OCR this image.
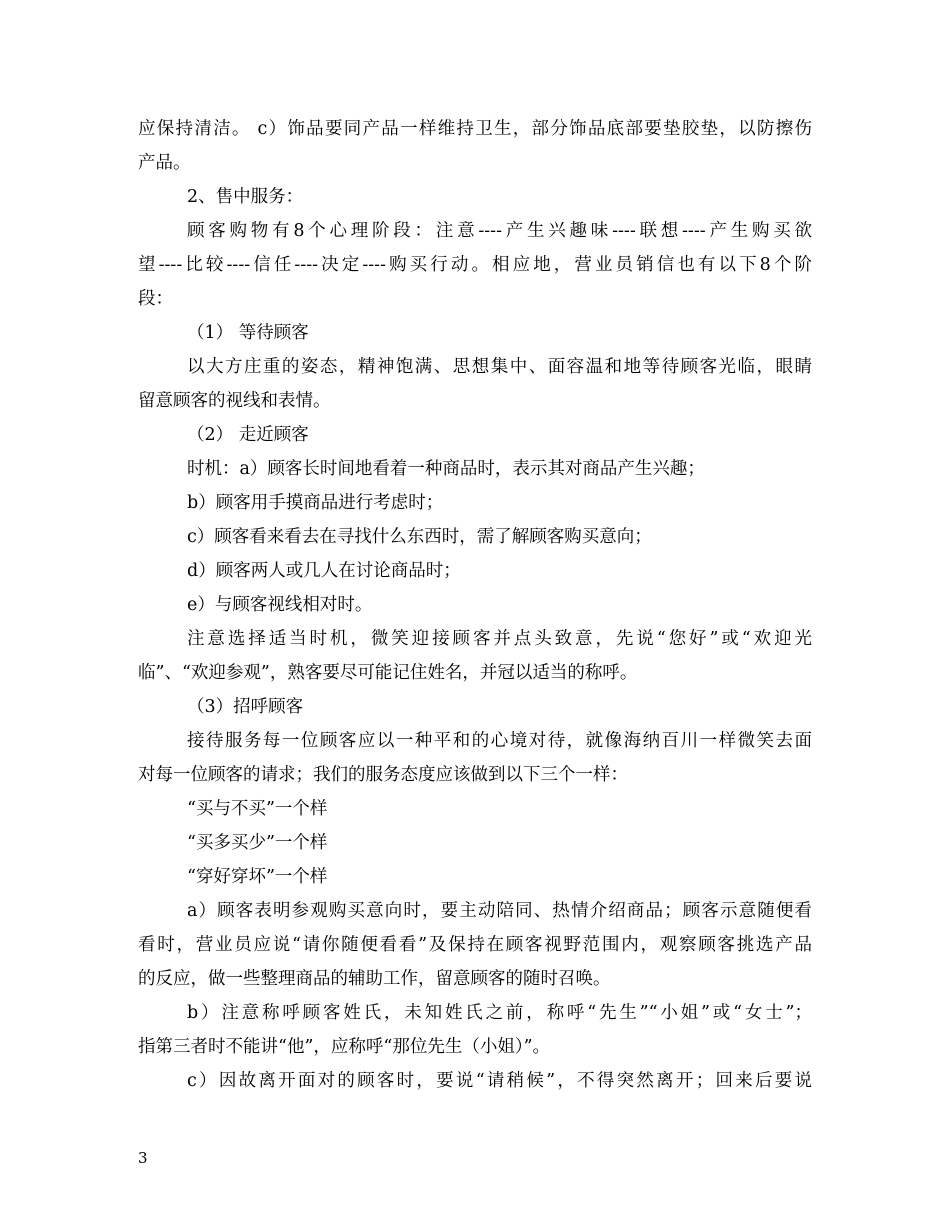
应保持清洁。 c）饰品要同产品一样维持卫生，部分饰品底部要垫胶垫，以防擦伤
产品。
2、售中服务：
顾客购物有8个心理阶段：注意----产生兴趣味----联想----产生购买欲
望----比较----信任----决定----购买行动。相应地，营业员销信也有以下8个阶
段：
（1） 等待顾客
以大方庄重的姿态，精神饱满、思想集中、面容温和地等待顾客光临，眼睛
留意顾客的视线和表情。
（2） 走近顾客
时机：a）顾客长时间地看着一种商品时，表示其对商品产生兴趣；
b）顾客用手摸商品进行考虑时；
c）顾客看来看去在寻找什么东西时，需了解顾客购买意向；
d）顾客两人或几人在讨论商品时；
e）与顾客视线相对时。
注意选择适当时机，微笑迎接顾客并点头致意，先说“您好”或“欢迎光
临”、“欢迎参观”，熟客要尽可能记住姓名，并冠以适当的称呼。
（3）招呼顾客
接待服务每一位顾客应以一种平和的心境对待，就像海纳百川一样微笑去面
对每一位顾客的请求；我们的服务态度应该做到以下三个一样：
“买与不买”一个样
“买多买少”一个样
“穿好穿坏”一个样
a）顾客表明参观购买意向时，要主动陪同、热情介绍商品；顾客示意随便看
看时，营业员应说“请你随便看看”及保持在顾客视野范围内，观察顾客挑选产品
的反应，做一些整理商品的辅助工作，留意顾客的随时召唤。
b）注意称呼顾客姓氏，未知姓氏之前，称呼“先生”“小姐”或“女士”；
指第三者时不能讲“他”，应称呼“那位先生（小姐）”。
c）因故离开面对的顾客时，要说“请稍候”，不得突然离开；回来后要说
3
